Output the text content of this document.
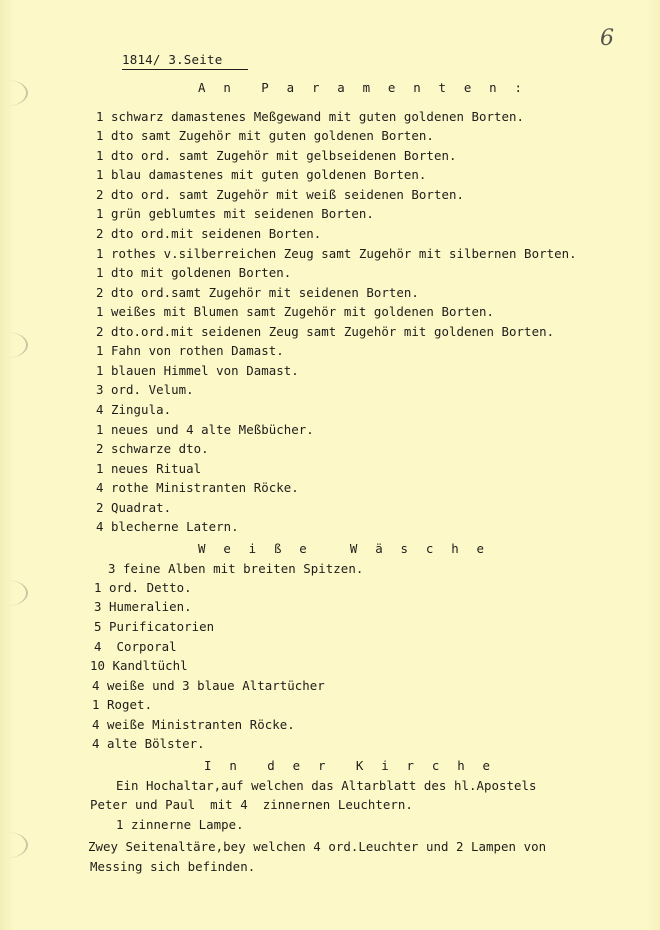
6
1814/ 3.Seite
A n  P a r a m e n t e n :
1 schwarz damastenes Meßgewand mit guten goldenen Borten.
1 dto samt Zugehör mit guten goldenen Borten.
1 dto ord. samt Zugehör mit gelbseidenen Borten.
1 blau damastenes mit guten goldenen Borten.
2 dto ord. samt Zugehör mit weiß seidenen Borten.
1 grün geblumtes mit seidenen Borten.
2 dto ord.mit seidenen Borten.
1 rothes v.silberreichen Zeug samt Zugehör mit silbernen Borten.
1 dto mit goldenen Borten.
2 dto ord.samt Zugehör mit seidenen Borten.
1 weißes mit Blumen samt Zugehör mit goldenen Borten.
2 dto.ord.mit seidenen Zeug samt Zugehör mit goldenen Borten.
1 Fahn von rothen Damast.
1 blauen Himmel von Damast.
3 ord. Velum.
4 Zingula.
1 neues und 4 alte Meßbücher.
2 schwarze dto.
1 neues Ritual
4 rothe Ministranten Röcke.
2 Quadrat.
4 blecherne Latern.
W e i ß e   W ä s c h e
3 feine Alben mit breiten Spitzen.
1 ord. Detto.
3 Humeralien.
5 Purificatorien
4  Corporal
10 Kandltüchl
4 weiße und 3 blaue Altartücher
1 Roget.
4 weiße Ministranten Röcke.
4 alte Bölster.
I n  d e r  K i r c h e
Ein Hochaltar,auf welchen das Altarblatt des hl.Apostels
Peter und Paul  mit 4  zinnernen Leuchtern.
1 zinnerne Lampe.
Zwey Seitenaltäre,bey welchen 4 ord.Leuchter und 2 Lampen von
Messing sich befinden.
